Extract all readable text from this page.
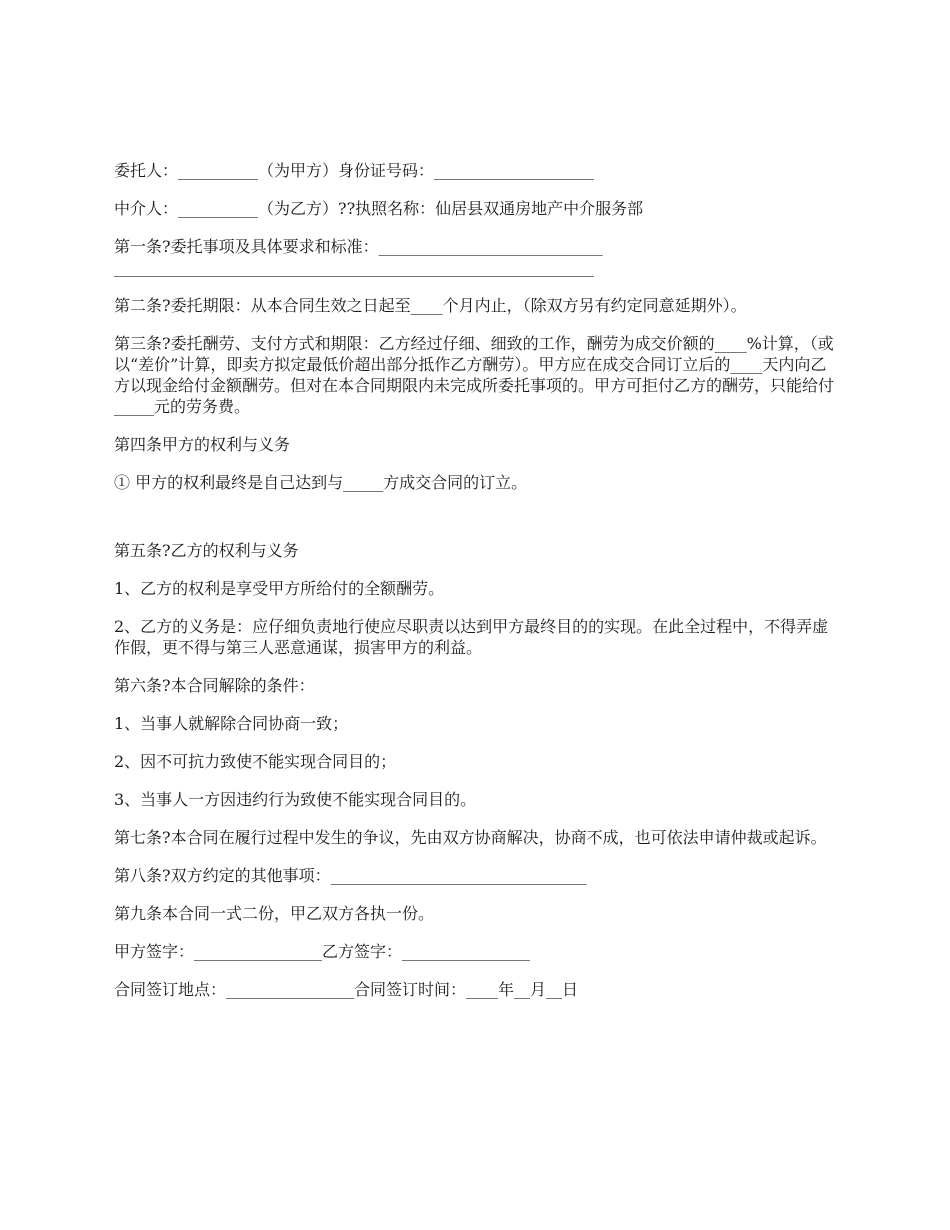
委托人：__________（为甲方）身份证号码：____________________

中介人：__________（为乙方）??执照名称：仙居县双通房地产中介服务部

第一条?委托事项及具体要求和标准：____________________________
____________________________________________________________

第二条?委托期限：从本合同生效之日起至____个月内止，（除双方另有约定同意延期外）。

第三条?委托酬劳、支付方式和期限：乙方经过仔细、细致的工作，酬劳为成交价额的____%计算，（或以“差价”计算，即卖方拟定最低价超出部分抵作乙方酬劳）。甲方应在成交合同订立后的____天内向乙方以现金给付金额酬劳。但对在本合同期限内未完成所委托事项的。甲方可拒付乙方的酬劳，只能给付_____元的劳务费。

第四条甲方的权利与义务

① 甲方的权利最终是自己达到与_____方成交合同的订立。

第五条?乙方的权利与义务

1、乙方的权利是享受甲方所给付的全额酬劳。

2、乙方的义务是：应仔细负责地行使应尽职责以达到甲方最终目的的实现。在此全过程中，不得弄虚作假，更不得与第三人恶意通谋，损害甲方的利益。

第六条?本合同解除的条件：

1、当事人就解除合同协商一致；

2、因不可抗力致使不能实现合同目的；

3、当事人一方因违约行为致使不能实现合同目的。

第七条?本合同在履行过程中发生的争议，先由双方协商解决，协商不成，也可依法申请仲裁或起诉。

第八条?双方约定的其他事项：________________________________

第九条本合同一式二份，甲乙双方各执一份。

甲方签字：________________乙方签字：________________

合同签订地点：________________合同签订时间：____年__月__日
